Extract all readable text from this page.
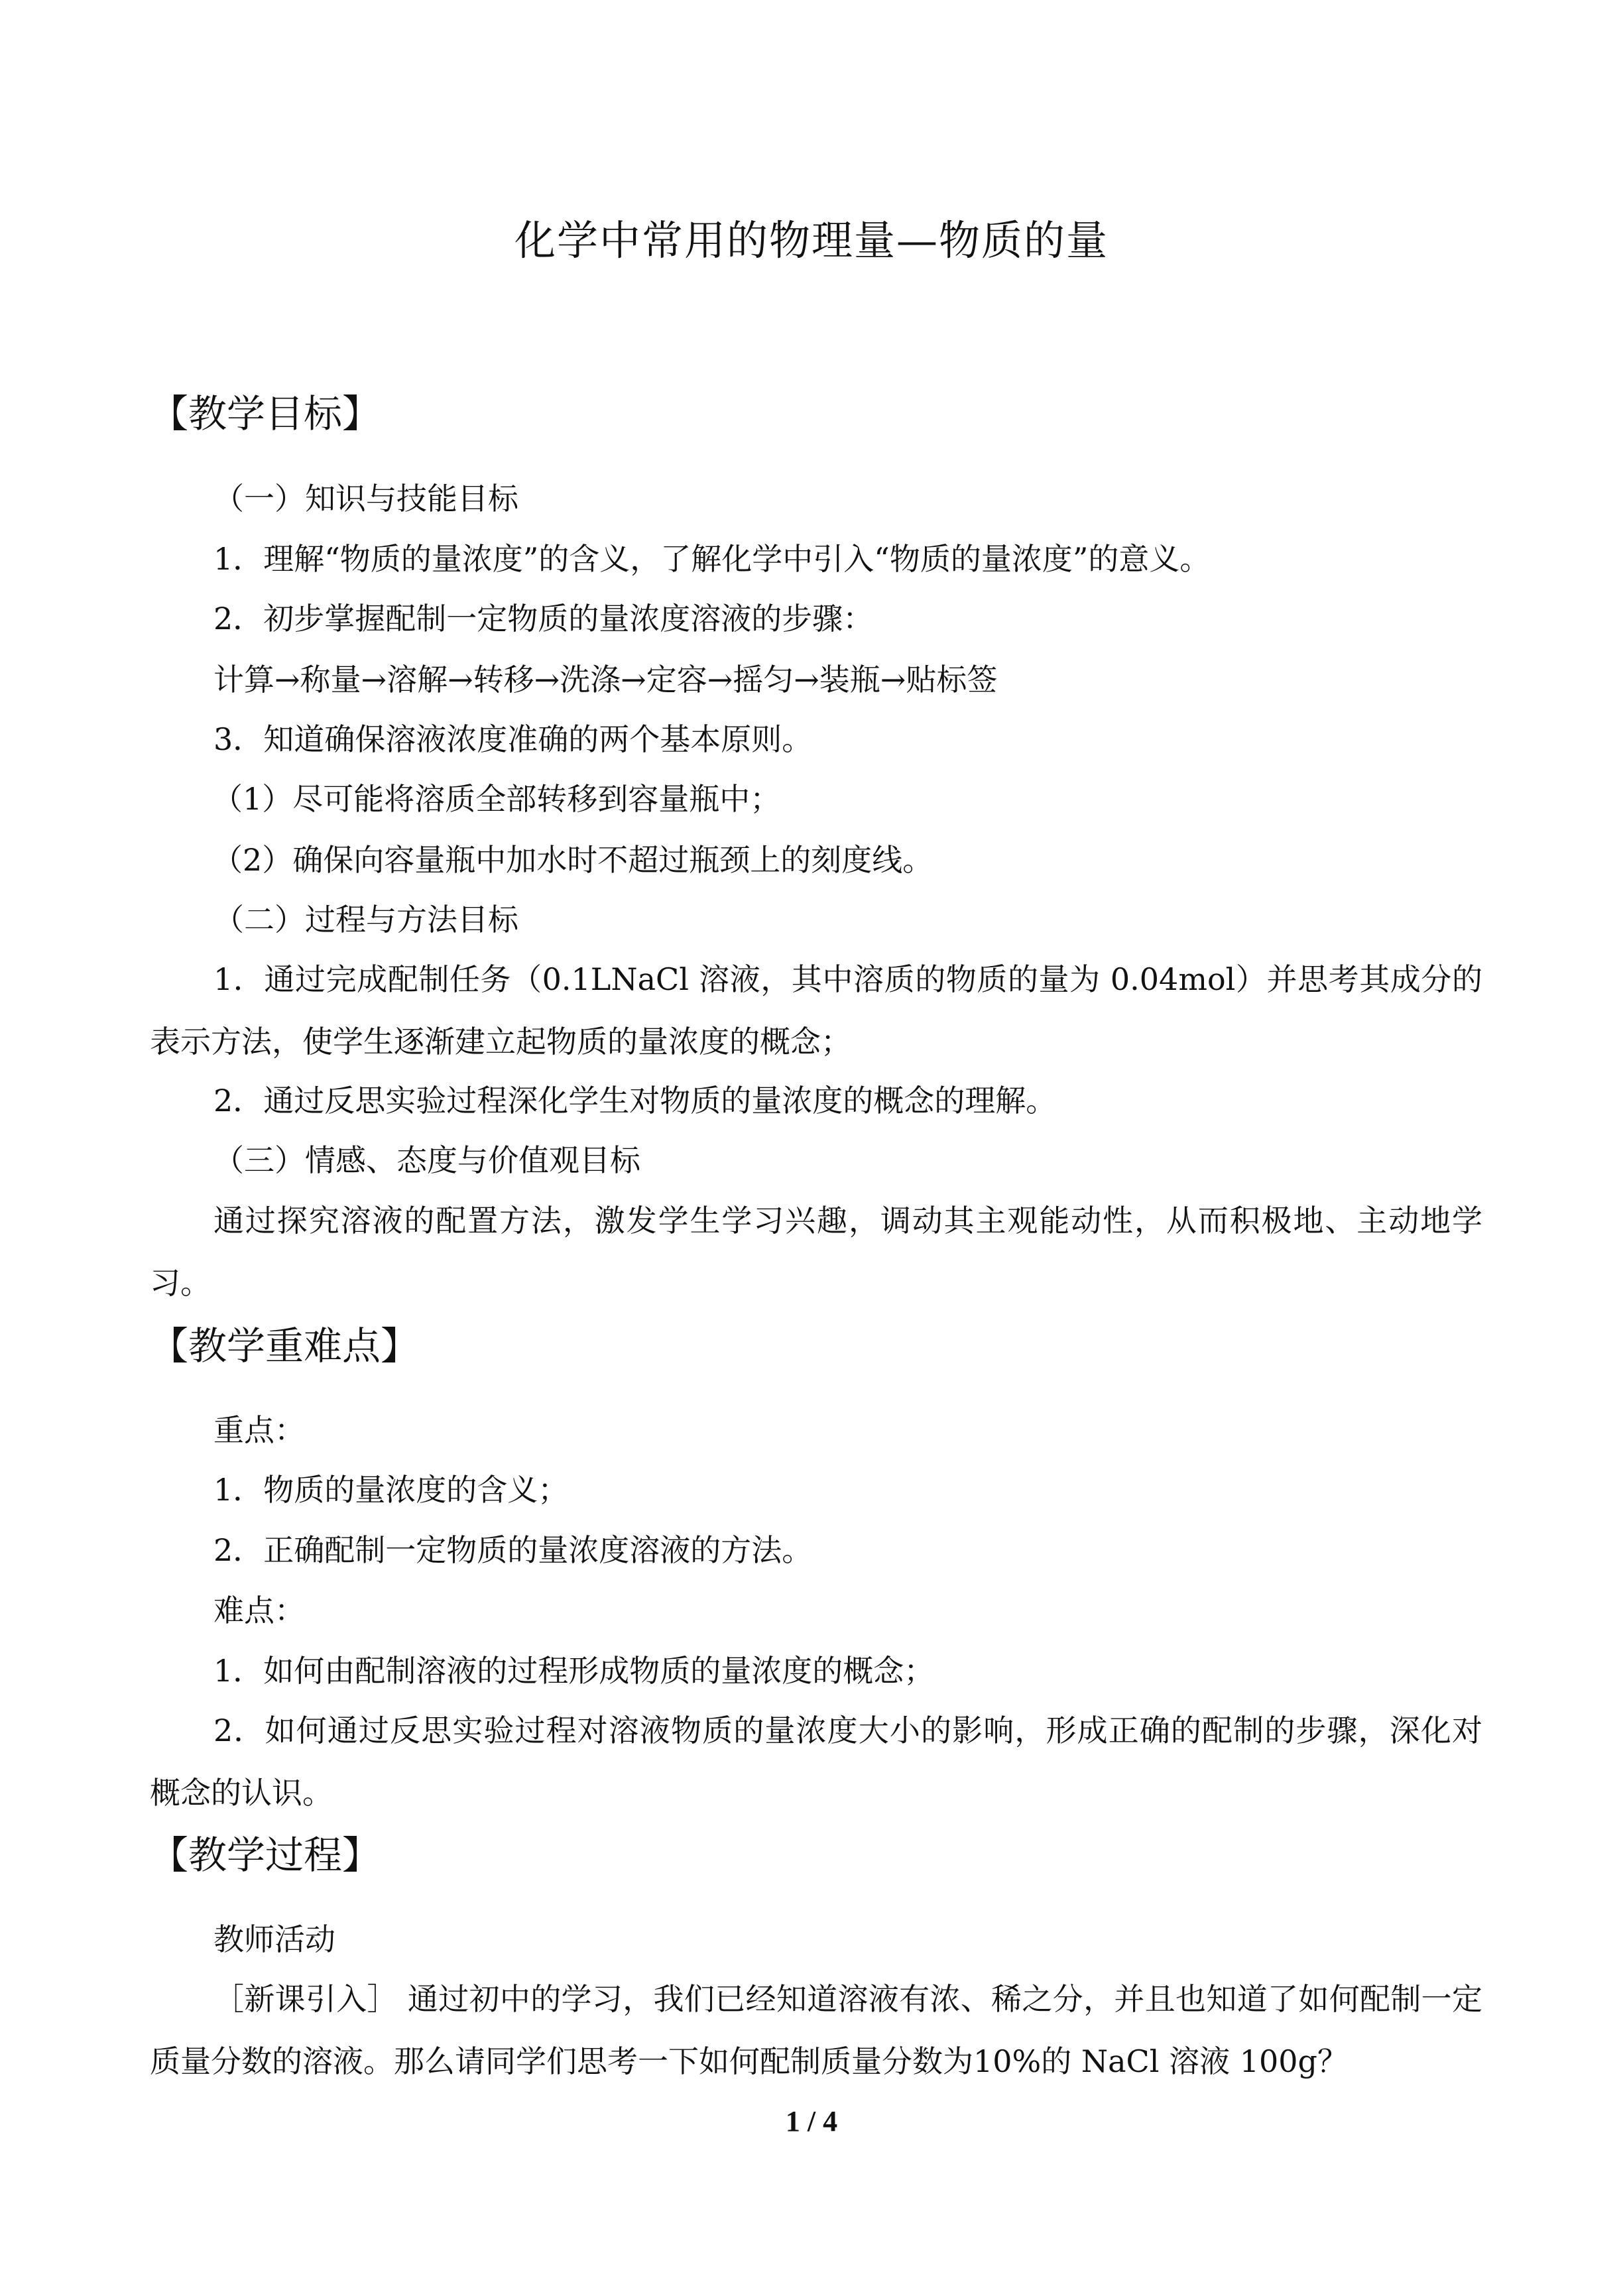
化学中常用的物理量—物质的量
【教学目标】
（一）知识与技能目标
1．理解“物质的量浓度”的含义，了解化学中引入“物质的量浓度”的意义。
2．初步掌握配制一定物质的量浓度溶液的步骤：
计算→称量→溶解→转移→洗涤→定容→摇匀→装瓶→贴标签
3．知道确保溶液浓度准确的两个基本原则。
（1）尽可能将溶质全部转移到容量瓶中；
（2）确保向容量瓶中加水时不超过瓶颈上的刻度线。
（二）过程与方法目标
1．通过完成配制任务（0.1LNaCl 溶液，其中溶质的物质的量为 0.04mol）并思考其成分的表示方法，使学生逐渐建立起物质的量浓度的概念；
2．通过反思实验过程深化学生对物质的量浓度的概念的理解。
（三）情感、态度与价值观目标
通过探究溶液的配置方法，激发学生学习兴趣，调动其主观能动性，从而积极地、主动地学习。
【教学重难点】
重点：
1．物质的量浓度的含义；
2．正确配制一定物质的量浓度溶液的方法。
难点：
1．如何由配制溶液的过程形成物质的量浓度的概念；
2．如何通过反思实验过程对溶液物质的量浓度大小的影响，形成正确的配制的步骤，深化对概念的认识。
【教学过程】
教师活动
［新课引入］ 通过初中的学习，我们已经知道溶液有浓、稀之分，并且也知道了如何配制一定质量分数的溶液。那么请同学们思考一下如何配制质量分数为10%的 NaCl 溶液 100g？
1 / 4
